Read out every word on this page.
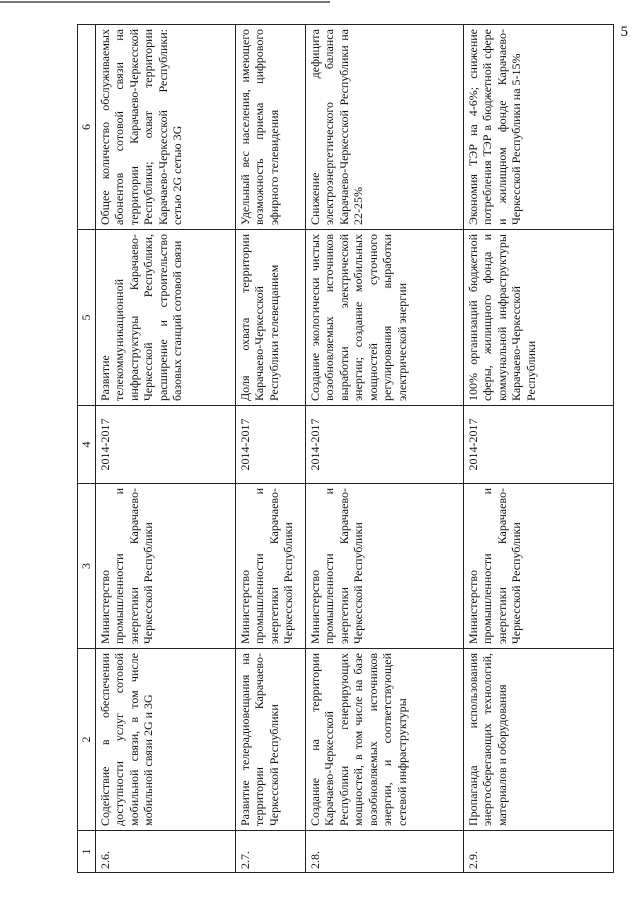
5
1	2	3	4	5	6
2.6.	Содействие в обеспечении доступности услуг сотовой мобильной связи, в том числе мобильной связи 2G и 3G	Министерство промышленности и энергетики Карачаево-Черкесской Республики	2014-2017	Развитие телекоммуникационной инфраструктуры Карачаево-Черкесской Республики, расширение и строительство базовых станций сотовой связи	Общее количество обслуживаемых абонентов сотовой связи на территории Карачаево-Черкесской Республики; охват территории Карачаево-Черкесской Республики: сетью 2G сетью 3G
2.7.	Развитие телерадиовещания на территории Карачаево-Черкесской Республики	Министерство промышленности и энергетики Карачаево-Черкесской Республики	2014-2017	Доля охвата территории Карачаево-Черкесской Республики телевещанием	Удельный вес населения, имеющего возможность приема цифрового эфирного телевидения
2.8.	Создание на территории Карачаево-Черкесской Республики генерирующих мощностей, в том числе на базе возобновляемых источников энергии, и соответствующей сетевой инфраструктуры	Министерство промышленности и энергетики Карачаево-Черкесской Республики	2014-2017	Создание экологически чистых возобновляемых источников выработки электрической энергии; создание мобильных мощностей суточного регулирования выработки электрической энергии	Снижение дефицита электроэнергетического баланса Карачаево-Черкесской Республики на 22-25%
2.9.	Пропаганда использования энергосберегающих технологий, материалов и оборудования	Министерство промышленности и энергетики Карачаево-Черкесской Республики	2014-2017	100% организаций бюджетной сферы, жилищного фонда и коммунальной инфраструктуры Карачаево-Черкесской Республики	Экономия ТЭР на 4-6%; снижение потребления ТЭР в бюджетной сфере и жилищном фонде Карачаево-Черкесской Республики на 5-15%
